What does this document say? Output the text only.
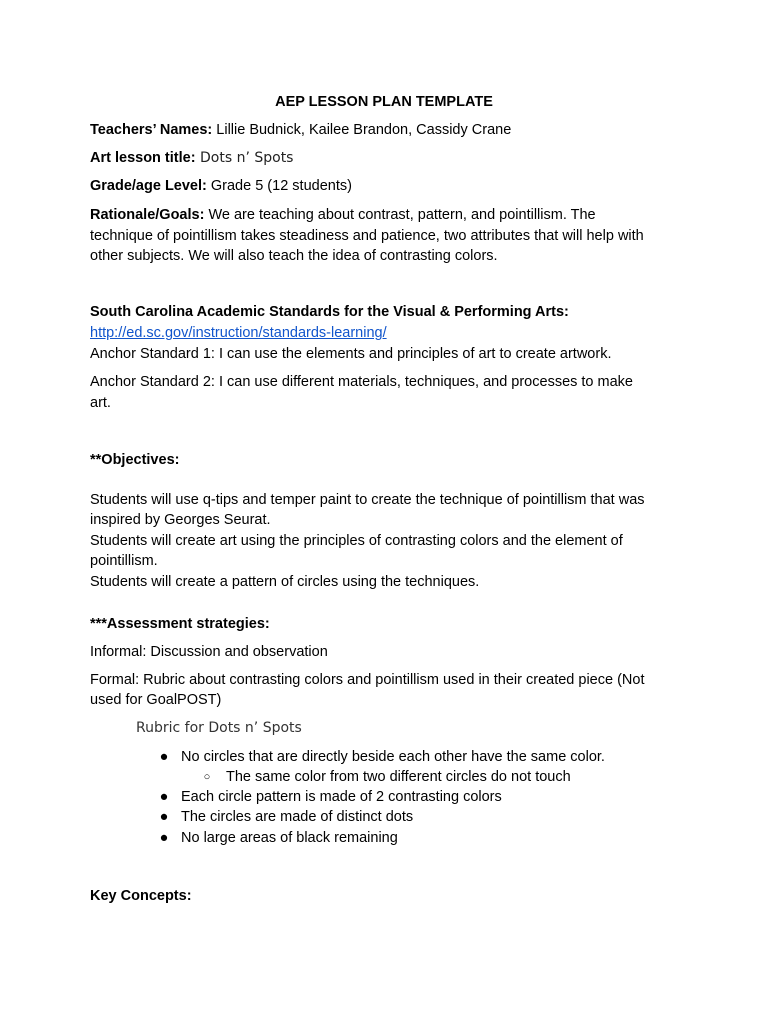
AEP LESSON PLAN TEMPLATE
Teachers’ Names: Lillie Budnick, Kailee Brandon, Cassidy Crane
Art lesson title: Dots n’ Spots
Grade/age Level: Grade 5 (12 students)
Rationale/Goals: We are teaching about contrast, pattern, and pointillism. The
technique of pointillism takes steadiness and patience, two attributes that will help with
other subjects. We will also teach the idea of contrasting colors.
South Carolina Academic Standards for the Visual & Performing Arts:
http://ed.sc.gov/instruction/standards-learning/
Anchor Standard 1: I can use the elements and principles of art to create artwork.
Anchor Standard 2: I can use different materials, techniques, and processes to make
art.
**Objectives:
Students will use q-tips and temper paint to create the technique of pointillism that was
inspired by Georges Seurat.
Students will create art using the principles of contrasting colors and the element of
pointillism.
Students will create a pattern of circles using the techniques.
***Assessment strategies:
Informal: Discussion and observation
Formal: Rubric about contrasting colors and pointillism used in their created piece (Not
used for GoalPOST)
Rubric for Dots n’ Spots
● No circles that are directly beside each other have the same color.
○ The same color from two different circles do not touch
● Each circle pattern is made of 2 contrasting colors
● The circles are made of distinct dots
● No large areas of black remaining
Key Concepts:
